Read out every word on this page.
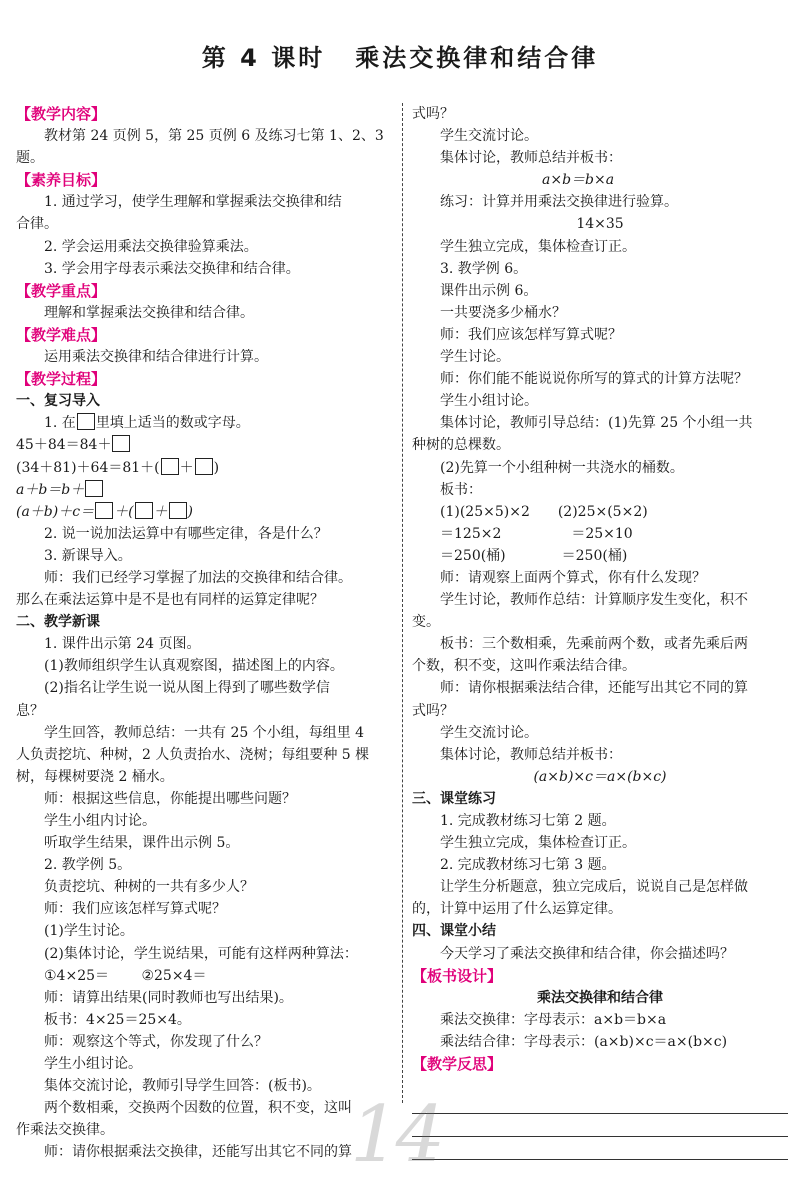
第 4 课时 乘法交换律和结合律
【教学内容】
教材第 24 页例 5，第 25 页例 6 及练习七第 1、2、3
题。
【素养目标】
1. 通过学习，使学生理解和掌握乘法交换律和结
合律。
2. 学会运用乘法交换律验算乘法。
3. 学会用字母表示乘法交换律和结合律。
【教学重点】
理解和掌握乘法交换律和结合律。
【教学难点】
运用乘法交换律和结合律进行计算。
【教学过程】
一、复习导入
1. 在 里填上适当的数或字母。
45＋84＝84＋
(34＋81)＋64＝81＋( ＋ )
a＋b＝b＋
(a＋b)＋c＝ ＋( ＋ )
2. 说一说加法运算中有哪些定律，各是什么？
3. 新课导入。
师：我们已经学习掌握了加法的交换律和结合律。
那么在乘法运算中是不是也有同样的运算定律呢？
二、教学新课
1. 课件出示第 24 页图。
(1)教师组织学生认真观察图，描述图上的内容。
(2)指名让学生说一说从图上得到了哪些数学信
息？
学生回答，教师总结：一共有 25 个小组，每组里 4
人负责挖坑、种树，2 人负责抬水、浇树；每组要种 5 棵
树，每棵树要浇 2 桶水。
师：根据这些信息，你能提出哪些问题？
学生小组内讨论。
听取学生结果，课件出示例 5。
2. 教学例 5。
负责挖坑、种树的一共有多少人？
师：我们应该怎样写算式呢？
(1)学生讨论。
(2)集体讨论，学生说结果，可能有这样两种算法：
①4×25＝　　 ②25×4＝
师：请算出结果(同时教师也写出结果)。
板书：4×25＝25×4。
师：观察这个等式，你发现了什么？
学生小组讨论。
集体交流讨论，教师引导学生回答：(板书)。
两个数相乘，交换两个因数的位置，积不变，这叫
作乘法交换律。
师：请你根据乘法交换律，还能写出其它不同的算
式吗？
学生交流讨论。
集体讨论，教师总结并板书：
a×b＝b×a
练习：计算并用乘法交换律进行验算。
14×35
学生独立完成，集体检查订正。
3. 教学例 6。
课件出示例 6。
一共要浇多少桶水？
师：我们应该怎样写算式呢？
学生讨论。
师：你们能不能说说你所写的算式的计算方法呢？
学生小组讨论。
集体讨论，教师引导总结：(1)先算 25 个小组一共
种树的总棵数。
(2)先算一个小组种树一共浇水的桶数。
板书：
(1)(25×5)×2　　(2)25×(5×2)
＝125×2　　　　　＝25×10
＝250(桶)　　　　＝250(桶)
师：请观察上面两个算式，你有什么发现？
学生讨论，教师作总结：计算顺序发生变化，积不
变。
板书：三个数相乘，先乘前两个数，或者先乘后两
个数，积不变，这叫作乘法结合律。
师：请你根据乘法结合律，还能写出其它不同的算
式吗？
学生交流讨论。
集体讨论，教师总结并板书：
(a×b)×c＝a×(b×c)
三、课堂练习
1. 完成教材练习七第 2 题。
学生独立完成，集体检查订正。
2. 完成教材练习七第 3 题。
让学生分析题意，独立完成后，说说自己是怎样做
的，计算中运用了什么运算定律。
四、课堂小结
今天学习了乘法交换律和结合律，你会描述吗？
【板书设计】
乘法交换律和结合律
乘法交换律：字母表示：a×b＝b×a
乘法结合律：字母表示：(a×b)×c＝a×(b×c)
【教学反思】
14
